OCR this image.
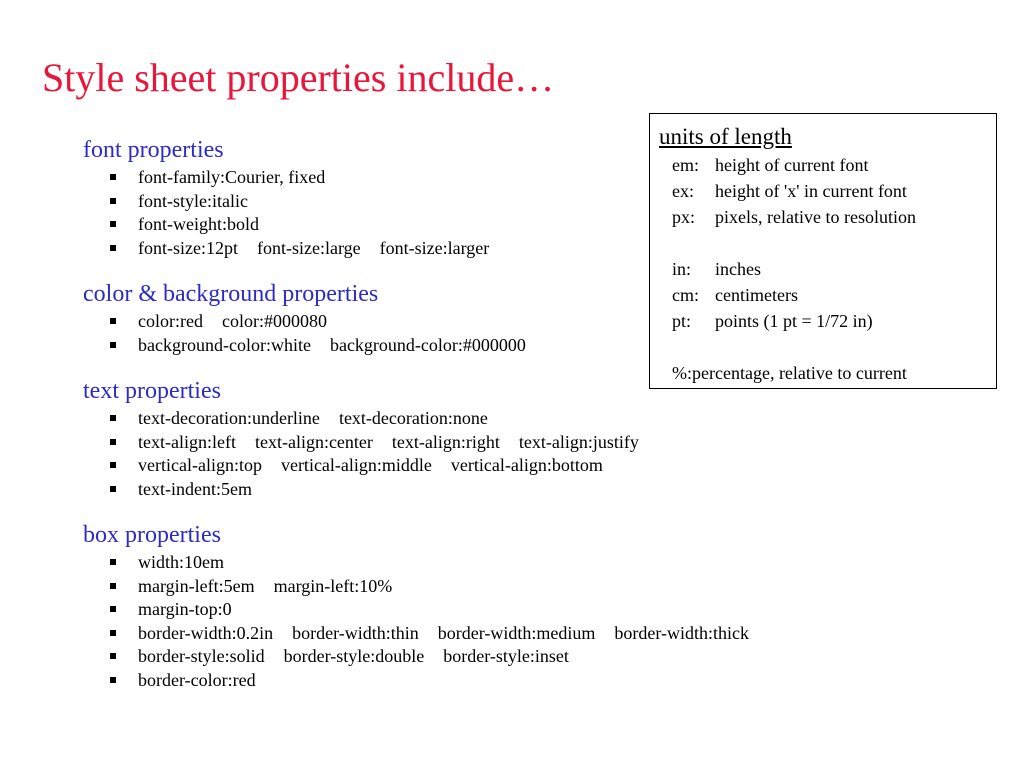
Style sheet properties include…
font properties
font-family:Courier, fixed
font-style:italic
font-weight:bold
font-size:12pt font-size:large font-size:larger
color & background properties
color:red color:#000080
background-color:white background-color:#000000
text properties
text-decoration:underline text-decoration:none
text-align:left text-align:center text-align:right text-align:justify
vertical-align:top vertical-align:middle vertical-align:bottom
text-indent:5em
box properties
width:10em
margin-left:5em margin-left:10%
margin-top:0
border-width:0.2in border-width:thin border-width:medium border-width:thick
border-style:solid border-style:double border-style:inset
border-color:red
units of length
em: height of current font
ex:	height of 'x' in current font
px:	pixels, relative to resolution
in:	inches
cm: centimeters
pt:	points (1 pt = 1/72 in)
%: percentage, relative to current
